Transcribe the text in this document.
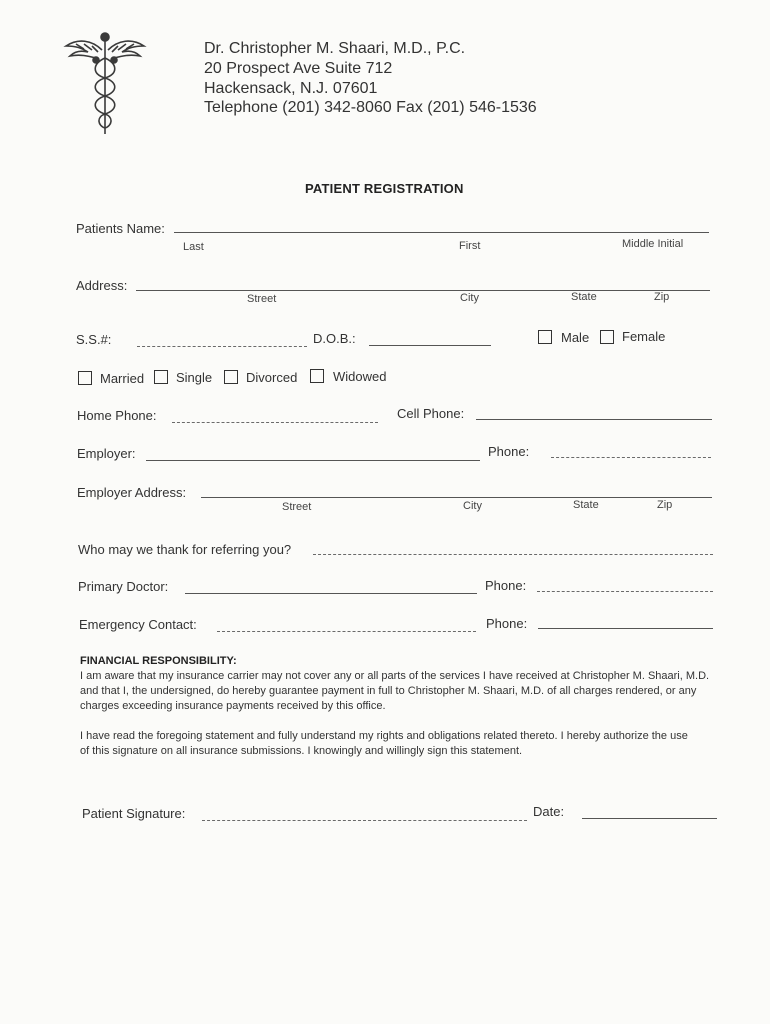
Dr. Christopher M. Shaari, M.D., P.C.
20 Prospect Ave Suite 712
Hackensack, N.J. 07601
Telephone (201) 342-8060 Fax (201) 546-1536
PATIENT REGISTRATION
Patients Name:
Last	First	Middle Initial
Address:
Street	City	State	Zip
S.S.#:	D.O.B.:	Male	Female
Married Single	Divorced	Widowed
Home Phone:	Cell Phone:
Employer:	Phone:
Employer Address:
Street	City	State	Zip
Who may we thank for referring you?
Primary Doctor:	Phone:
Emergency Contact:	Phone:
FINANCIAL RESPONSIBILITY:
I am aware that my insurance carrier may not cover any or all parts of the services I have received at Christopher M. Shaari, M.D. and that I, the undersigned, do hereby guarantee payment in full to Christopher M. Shaari, M.D. of all charges rendered, or any charges exceeding insurance payments received by this office.
I have read the foregoing statement and fully understand my rights and obligations related thereto. I hereby authorize the use of this signature on all insurance submissions. I knowingly and willingly sign this statement.
Patient Signature:	Date:
